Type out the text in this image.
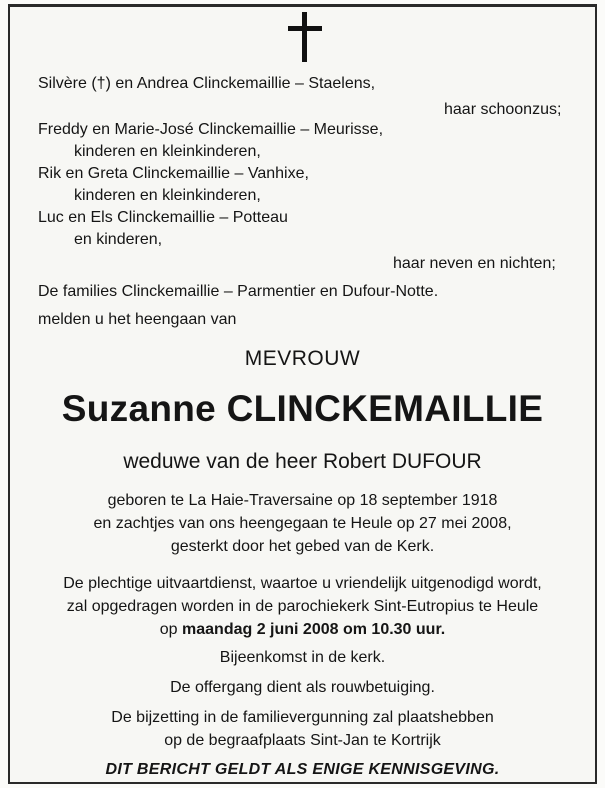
Silvère (†) en Andrea Clinckemaillie – Staelens,
haar schoonzus;
Freddy en Marie-José Clinckemaillie – Meurisse,
kinderen en kleinkinderen,
Rik en Greta Clinckemaillie – Vanhixe,
kinderen en kleinkinderen,
Luc en Els Clinckemaillie – Potteau
en kinderen,
haar neven en nichten;
De families Clinckemaillie – Parmentier en Dufour-Notte.
melden u het heengaan van
MEVROUW
Suzanne CLINCKEMAILLIE
weduwe van de heer Robert DUFOUR
geboren te La Haie-Traversaine op 18 september 1918
en zachtjes van ons heengegaan te Heule op 27 mei 2008,
gesterkt door het gebed van de Kerk.
De plechtige uitvaartdienst, waartoe u vriendelijk uitgenodigd wordt,
zal opgedragen worden in de parochiekerk Sint-Eutropius te Heule
op maandag 2 juni 2008 om 10.30 uur.
Bijeenkomst in de kerk.
De offergang dient als rouwbetuiging.
De bijzetting in de familievergunning zal plaatshebben
op de begraafplaats Sint-Jan te Kortrijk
DIT BERICHT GELDT ALS ENIGE KENNISGEVING.
